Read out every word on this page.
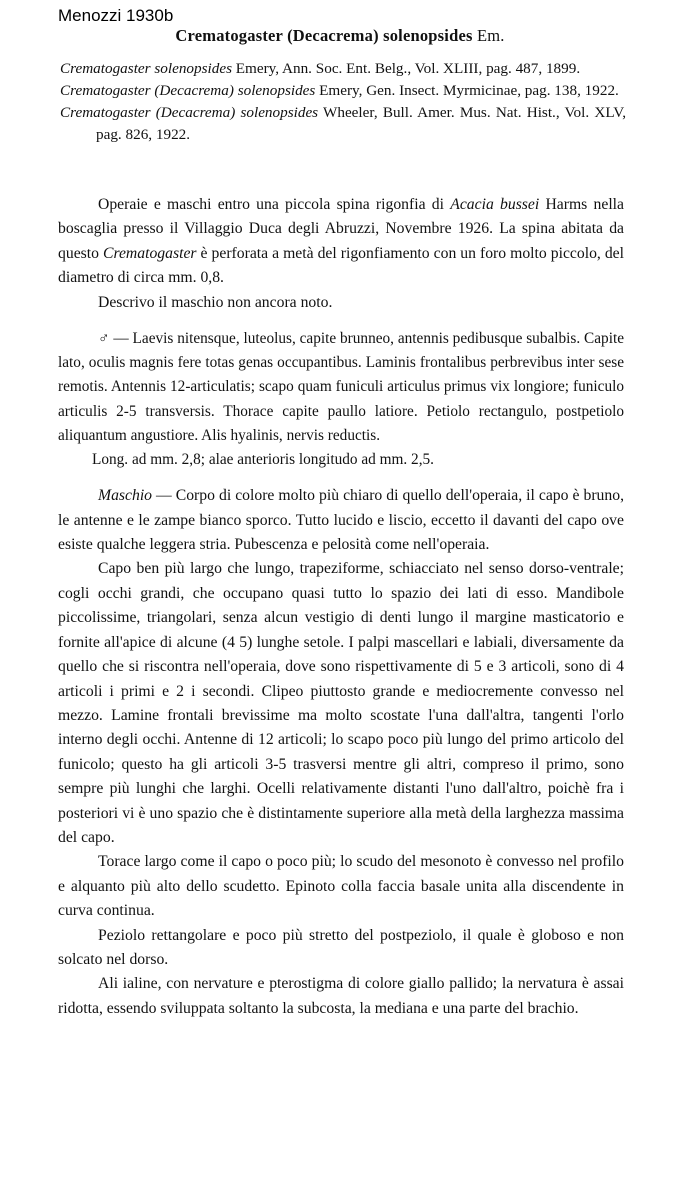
Menozzi 1930b
Crematogaster (Decacrema) solenopsides Em.
Crematogaster solenopsides Emery, Ann. Soc. Ent. Belg., Vol. XLIII, pag. 487, 1899.
Crematogaster (Decacrema) solenopsides Emery, Gen. Insect. Myrmicinae, pag. 138, 1922.
Crematogaster (Decacrema) solenopsides Wheeler, Bull. Amer. Mus. Nat. Hist., Vol. XLV, pag. 826, 1922.

Operaie e maschi entro una piccola spina rigonfia di Acacia bussei Harms nella boscaglia presso il Villaggio Duca degli Abruzzi, Novembre 1926. La spina abitata da questo Crematogaster è perforata a metà del rigonfiamento con un foro molto piccolo, del diametro di circa mm. 0,8.

Descrivo il maschio non ancora noto.

♂ — Laevis nitensque, luteolus, capite brunneo, antennis pedibusque subalbis. Capite lato, oculis magnis fere totas genas occupantibus. Laminis frontalibus perbrevibus inter sese remotis. Antennis 12-articulatis; scapo quam funiculi articulus primus vix longiore; funiculo articulis 2-5 transversis. Thorace capite paullo latiore. Petiolo rectangulo, postpetiolo aliquantum angustiore. Alis hyalinis, nervis reductis.

Long. ad mm. 2,8; alae anterioris longitudo ad mm. 2,5.

Maschio — Corpo di colore molto più chiaro di quello dell'operaia, il capo è bruno, le antenne e le zampe bianco sporco. Tutto lucido e liscio, eccetto il davanti del capo ove esiste qualche leggera stria. Pubescenza e pelosità come nell'operaia.

Capo ben più largo che lungo, trapeziforme, schiacciato nel senso dorso-ventrale; cogli occhi grandi, che occupano quasi tutto lo spazio dei lati di esso. Mandibole piccolissime, triangolari, senza alcun vestigio di denti lungo il margine masticatorio e fornite all'apice di alcune (4 5) lunghe setole. I palpi mascellari e labiali, diversamente da quello che si riscontra nell'operaia, dove sono rispettivamente di 5 e 3 articoli, sono di 4 articoli i primi e 2 i secondi. Clipeo piuttosto grande e mediocremente convesso nel mezzo. Lamine frontali brevissime ma molto scostate l'una dall'altra, tangenti l'orlo interno degli occhi. Antenne di 12 articoli; lo scapo poco più lungo del primo articolo del funicolo; questo ha gli articoli 3-5 trasversi mentre gli altri, compreso il primo, sono sempre più lunghi che larghi. Ocelli relativamente distanti l'uno dall'altro, poichè fra i posteriori vi è uno spazio che è distintamente superiore alla metà della larghezza massima del capo.

Torace largo come il capo o poco più; lo scudo del mesonoto è convesso nel profilo e alquanto più alto dello scudetto. Epinoto colla faccia basale unita alla discendente in curva continua.

Peziolo rettangolare e poco più stretto del postpeziolo, il quale è globoso e non solcato nel dorso.

Ali ialine, con nervature e pterostigma di colore giallo pallido; la nervatura è assai ridotta, essendo sviluppata soltanto la subcosta, la mediana e una parte del brachio.
